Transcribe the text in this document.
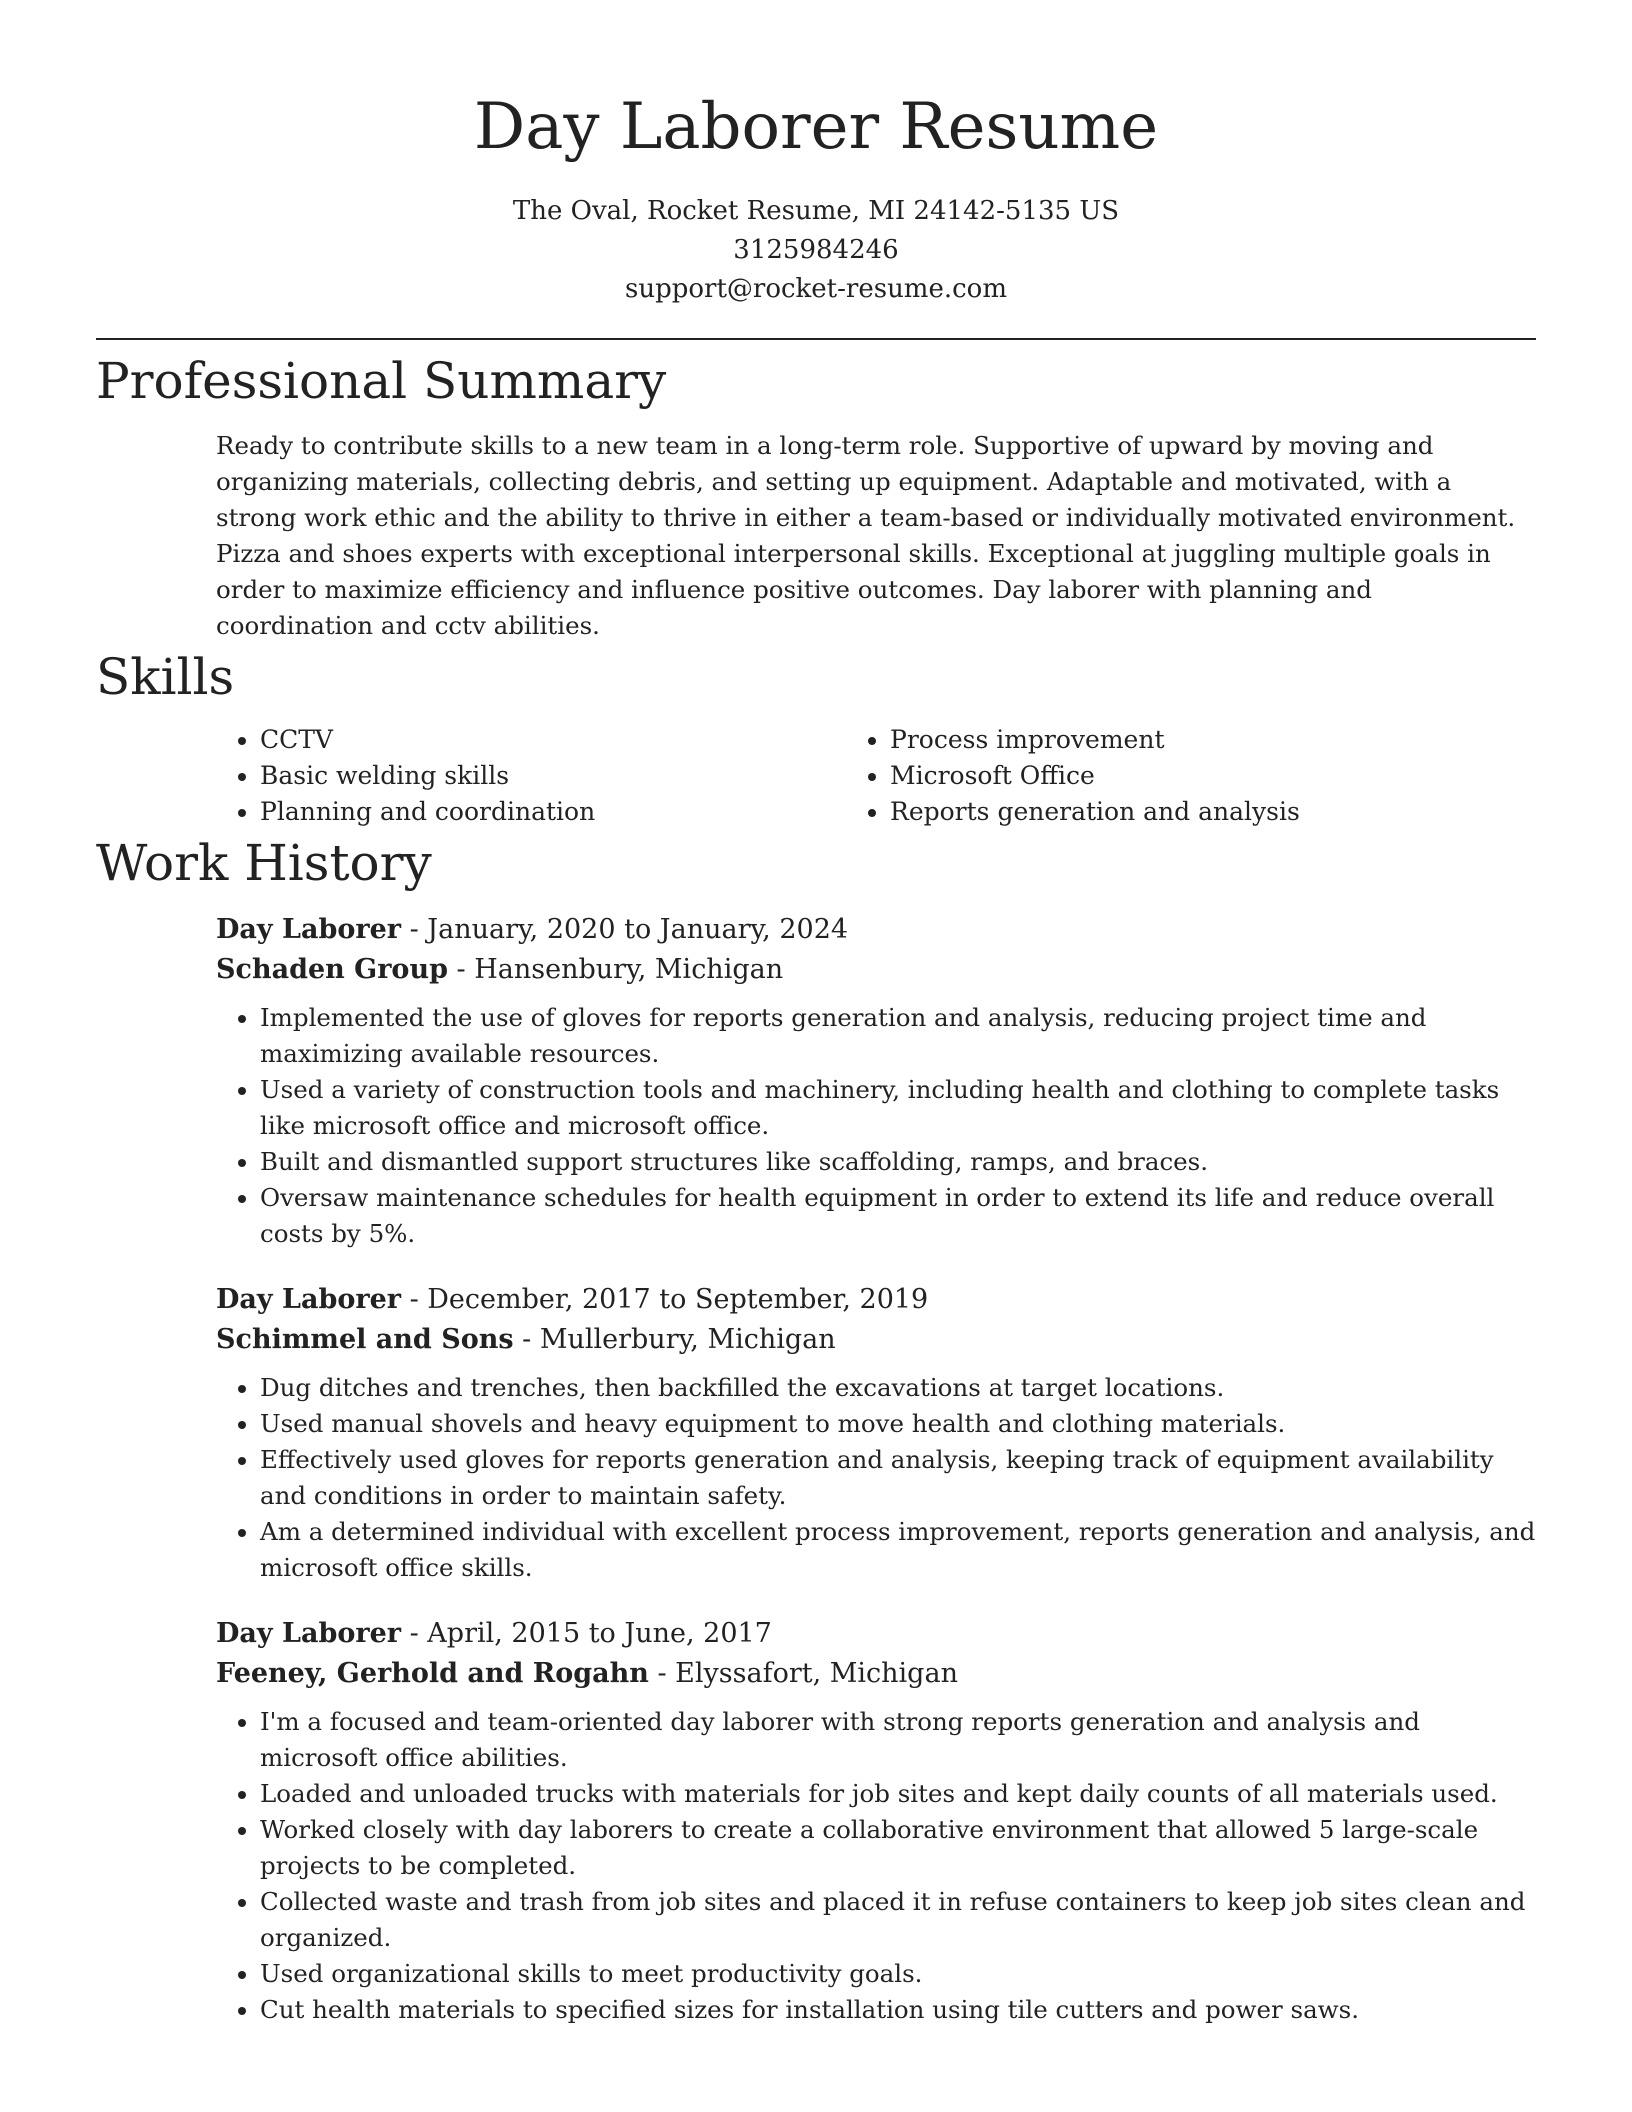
Day Laborer Resume
The Oval, Rocket Resume, MI 24142-5135 US
3125984246
support@rocket-resume.com
Professional Summary

Ready to contribute skills to a new team in a long-term role. Supportive of upward by moving and organizing materials, collecting debris, and setting up equipment. Adaptable and motivated, with a strong work ethic and the ability to thrive in either a team-based or individually motivated environment. Pizza and shoes experts with exceptional interpersonal skills. Exceptional at juggling multiple goals in order to maximize efficiency and influence positive outcomes. Day laborer with planning and coordination and cctv abilities.

Skills
• CCTV
• Basic welding skills
• Planning and coordination
• Process improvement
• Microsoft Office
• Reports generation and analysis
Work History
Day Laborer - January, 2020 to January, 2024
Schaden Group - Hansenbury, Michigan
• Implemented the use of gloves for reports generation and analysis, reducing project time and maximizing available resources.
• Used a variety of construction tools and machinery, including health and clothing to complete tasks like microsoft office and microsoft office.
• Built and dismantled support structures like scaffolding, ramps, and braces.
• Oversaw maintenance schedules for health equipment in order to extend its life and reduce overall costs by 5%.
Day Laborer - December, 2017 to September, 2019
Schimmel and Sons - Mullerbury, Michigan
• Dug ditches and trenches, then backfilled the excavations at target locations.
• Used manual shovels and heavy equipment to move health and clothing materials.
• Effectively used gloves for reports generation and analysis, keeping track of equipment availability and conditions in order to maintain safety.
• Am a determined individual with excellent process improvement, reports generation and analysis, and microsoft office skills.
Day Laborer - April, 2015 to June, 2017
Feeney, Gerhold and Rogahn - Elyssafort, Michigan
• I'm a focused and team-oriented day laborer with strong reports generation and analysis and microsoft office abilities.
• Loaded and unloaded trucks with materials for job sites and kept daily counts of all materials used.
• Worked closely with day laborers to create a collaborative environment that allowed 5 large-scale projects to be completed.
• Collected waste and trash from job sites and placed it in refuse containers to keep job sites clean and organized.
• Used organizational skills to meet productivity goals.
• Cut health materials to specified sizes for installation using tile cutters and power saws.
